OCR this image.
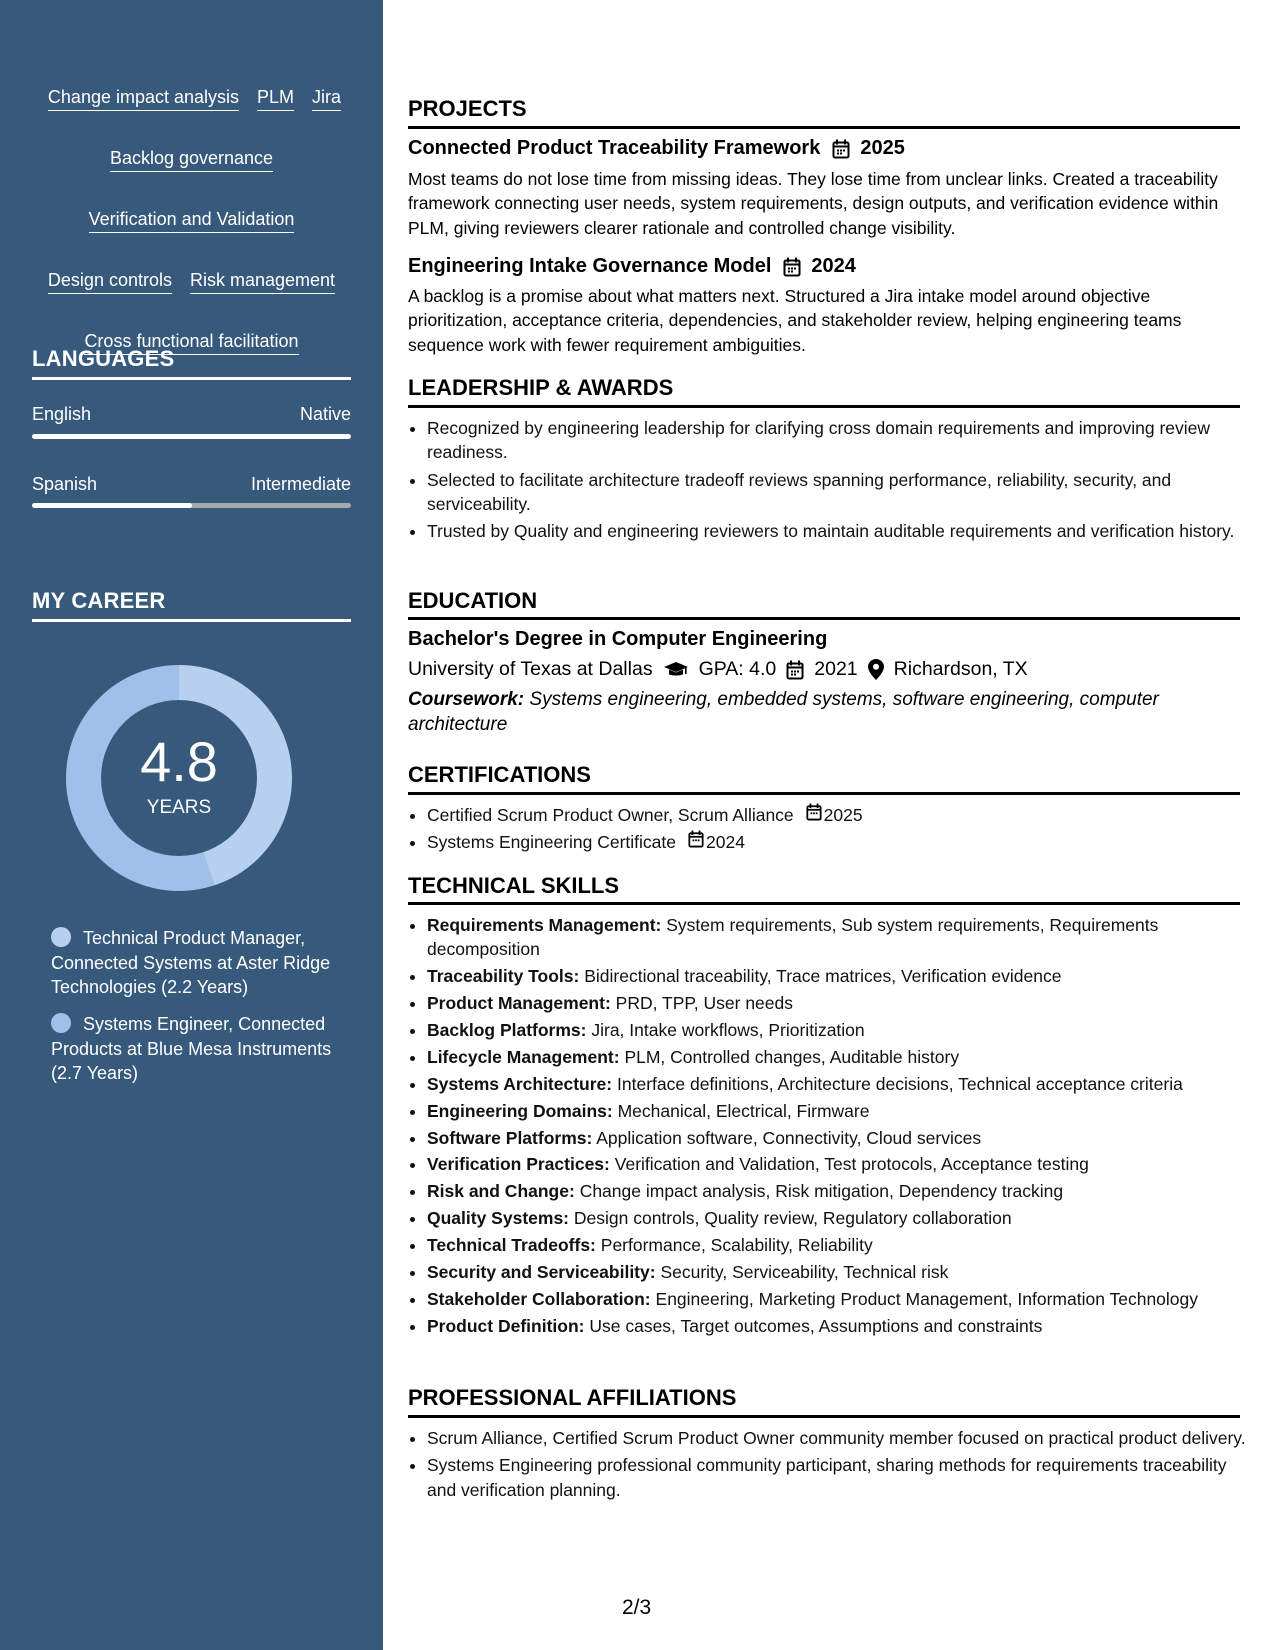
Change impact analysis PLM Jira
Backlog governance
Verification and Validation
Design controls Risk management
Cross functional facilitation
LANGUAGES
English	Native
Spanish	Intermediate
MY CAREER
4.8
YEARS
Technical Product Manager, Connected Systems at Aster Ridge Technologies (2.2 Years)
Systems Engineer, Connected Products at Blue Mesa Instruments (2.7 Years)
PROJECTS
Connected Product Traceability Framework 2025
Most teams do not lose time from missing ideas. They lose time from unclear links. Created a traceability framework connecting user needs, system requirements, design outputs, and verification evidence within PLM, giving reviewers clearer rationale and controlled change visibility.
Engineering Intake Governance Model 2024
A backlog is a promise about what matters next. Structured a Jira intake model around objective prioritization, acceptance criteria, dependencies, and stakeholder review, helping engineering teams sequence work with fewer requirement ambiguities.
LEADERSHIP & AWARDS
• Recognized by engineering leadership for clarifying cross domain requirements and improving review readiness.
• Selected to facilitate architecture tradeoff reviews spanning performance, reliability, security, and serviceability.
• Trusted by Quality and engineering reviewers to maintain auditable requirements and verification history.
EDUCATION
Bachelor's Degree in Computer Engineering
University of Texas at Dallas GPA: 4.0 2021 Richardson, TX
Coursework: Systems engineering, embedded systems, software engineering, computer architecture
CERTIFICATIONS
• Certified Scrum Product Owner, Scrum Alliance 2025
• Systems Engineering Certificate 2024
TECHNICAL SKILLS
• Requirements Management: System requirements, Sub system requirements, Requirements decomposition
• Traceability Tools: Bidirectional traceability, Trace matrices, Verification evidence
• Product Management: PRD, TPP, User needs
• Backlog Platforms: Jira, Intake workflows, Prioritization
• Lifecycle Management: PLM, Controlled changes, Auditable history
• Systems Architecture: Interface definitions, Architecture decisions, Technical acceptance criteria
• Engineering Domains: Mechanical, Electrical, Firmware
• Software Platforms: Application software, Connectivity, Cloud services
• Verification Practices: Verification and Validation, Test protocols, Acceptance testing
• Risk and Change: Change impact analysis, Risk mitigation, Dependency tracking
• Quality Systems: Design controls, Quality review, Regulatory collaboration
• Technical Tradeoffs: Performance, Scalability, Reliability
• Security and Serviceability: Security, Serviceability, Technical risk
• Stakeholder Collaboration: Engineering, Marketing Product Management, Information Technology
• Product Definition: Use cases, Target outcomes, Assumptions and constraints
PROFESSIONAL AFFILIATIONS
• Scrum Alliance, Certified Scrum Product Owner community member focused on practical product delivery.
• Systems Engineering professional community participant, sharing methods for requirements traceability and verification planning.
2/3
